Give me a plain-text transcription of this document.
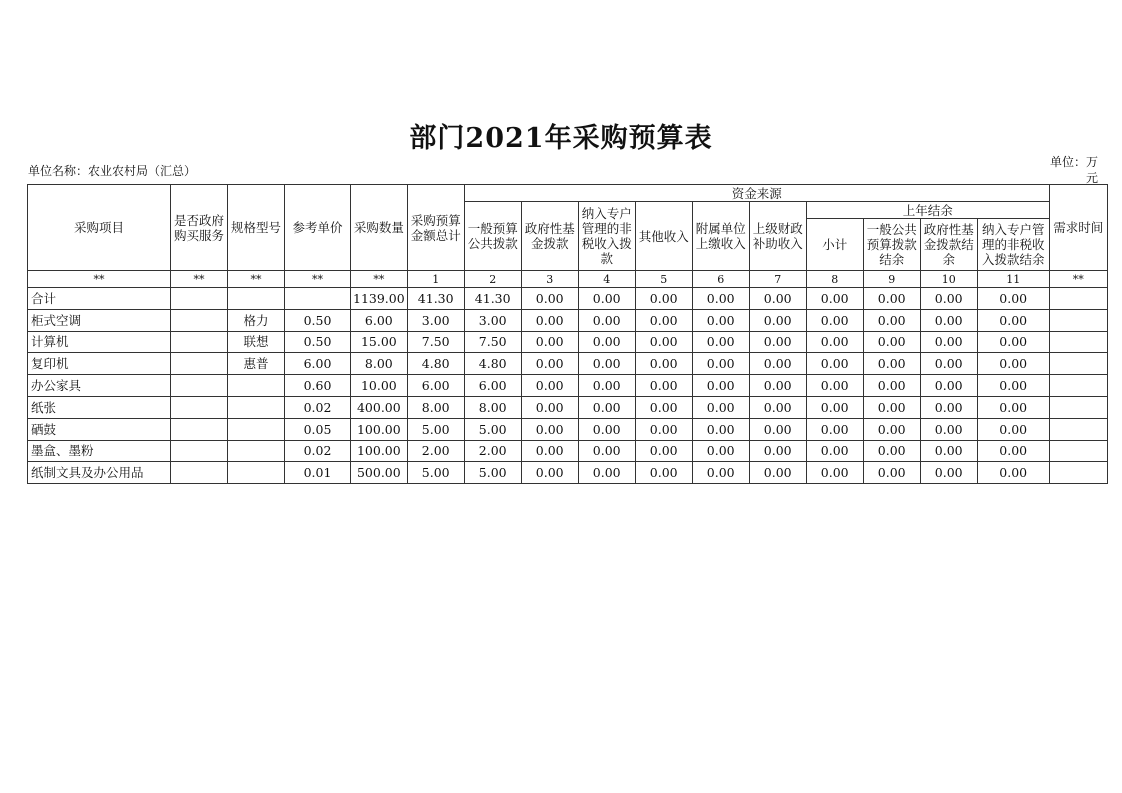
部门2021年采购预算表
单位名称：农业农村局（汇总）
单位：万元
采购项目	是否政府购买服务	规格型号	参考单价	采购数量	采购预算金额总计	资金来源										需求时间
						一般预算公共拨款	政府性基金拨款	纳入专户管理的非税收入拨款	其他收入	附属单位上缴收入	上级财政补助收入	上年结余				
												小计	一般公共预算拨款结余	政府性基金拨款结余	纳入专户管理的非税收入拨款结余	
**	**	**	**	**	1	2	3	4	5	6	7	8	9	10	11	**
合计				1139.00	41.30	41.30	0.00	0.00	0.00	0.00	0.00	0.00	0.00	0.00	0.00	
柜式空调		格力	0.50	6.00	3.00	3.00	0.00	0.00	0.00	0.00	0.00	0.00	0.00	0.00	0.00	
计算机		联想	0.50	15.00	7.50	7.50	0.00	0.00	0.00	0.00	0.00	0.00	0.00	0.00	0.00	
复印机		惠普	6.00	8.00	4.80	4.80	0.00	0.00	0.00	0.00	0.00	0.00	0.00	0.00	0.00	
办公家具			0.60	10.00	6.00	6.00	0.00	0.00	0.00	0.00	0.00	0.00	0.00	0.00	0.00	
纸张			0.02	400.00	8.00	8.00	0.00	0.00	0.00	0.00	0.00	0.00	0.00	0.00	0.00	
硒鼓			0.05	100.00	5.00	5.00	0.00	0.00	0.00	0.00	0.00	0.00	0.00	0.00	0.00	
墨盒、墨粉			0.02	100.00	2.00	2.00	0.00	0.00	0.00	0.00	0.00	0.00	0.00	0.00	0.00	
纸制文具及办公用品			0.01	500.00	5.00	5.00	0.00	0.00	0.00	0.00	0.00	0.00	0.00	0.00	0.00	
